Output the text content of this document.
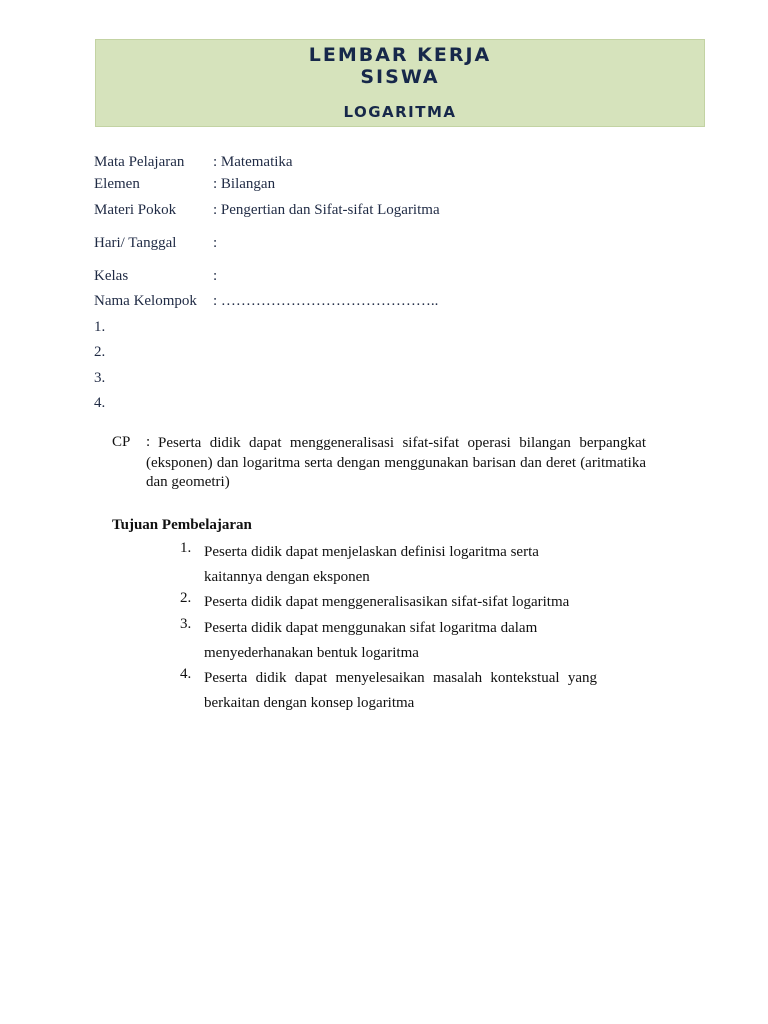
LEMBAR KERJA
SISWA
LOGARITMA
Mata Pelajaran : Matematika
Elemen	: Bilangan
Materi Pokok : Pengertian dan Sifat-sifat Logaritma
Hari/ Tanggal :
Kelas	:
Nama Kelompok : ……………………………………..
1.
2.
3.
4.
CP : Peserta didik dapat menggeneralisasi sifat-sifat operasi bilangan berpangkat (eksponen) dan logaritma serta dengan menggunakan barisan dan deret (aritmatika dan geometri)
Tujuan Pembelajaran
1. Peserta didik dapat menjelaskan definisi logaritma serta kaitannya dengan eksponen
2. Peserta didik dapat menggeneralisasikan sifat-sifat logaritma
3. Peserta didik dapat menggunakan sifat logaritma dalam menyederhanakan bentuk logaritma
4. Peserta didik dapat menyelesaikan masalah kontekstual yang berkaitan dengan konsep logaritma
